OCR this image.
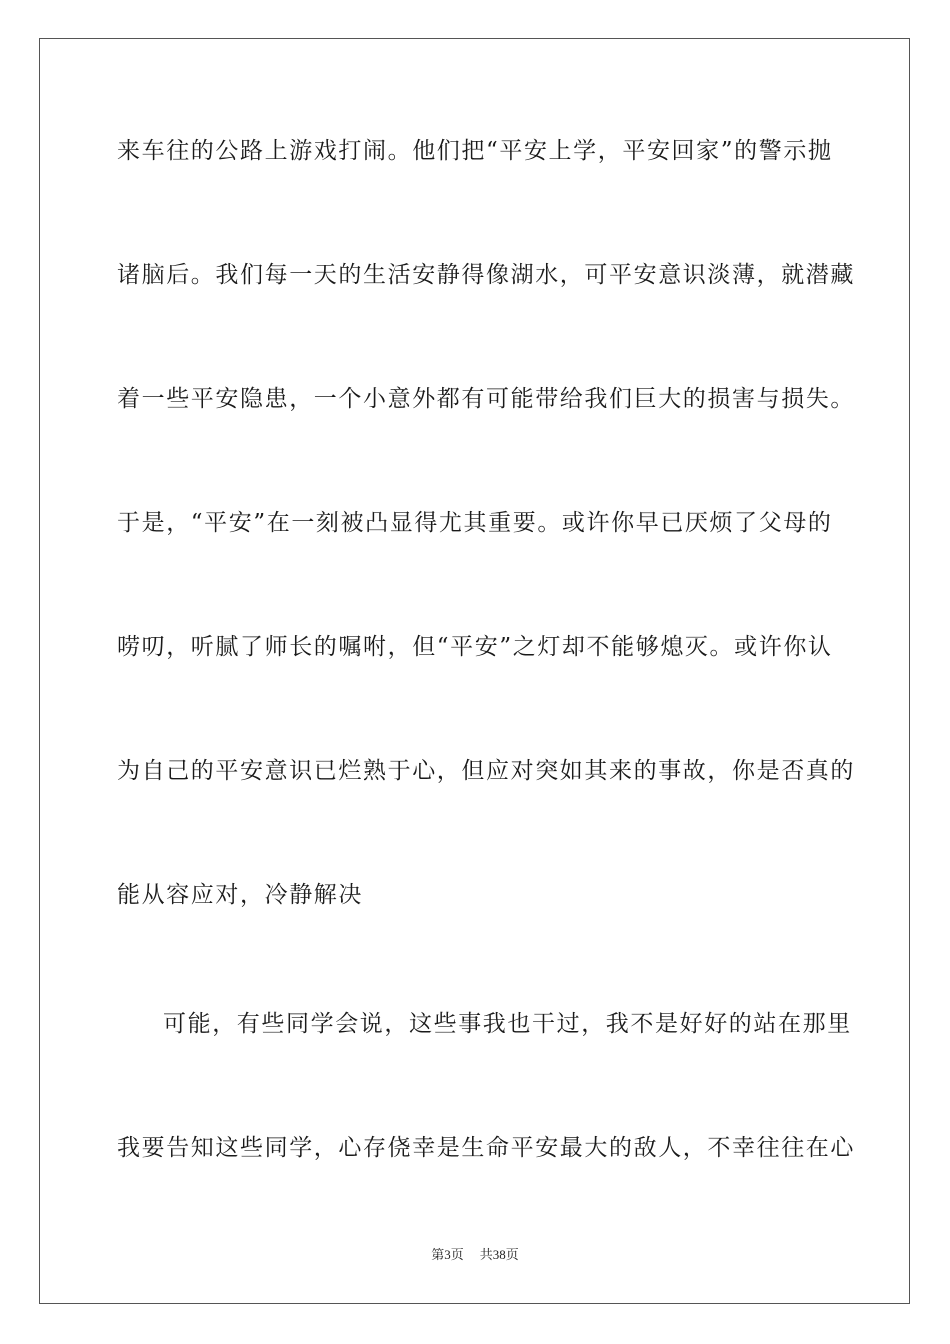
来车往的公路上游戏打闹。他们把“平安上学，平安回家”的警示抛
诸脑后。我们每一天的生活安静得像湖水，可平安意识淡薄，就潜藏
着一些平安隐患，一个小意外都有可能带给我们巨大的损害与损失。
于是，“平安”在一刻被凸显得尤其重要。或许你早已厌烦了父母的
唠叨，听腻了师长的嘱咐，但“平安”之灯却不能够熄灭。或许你认
为自己的平安意识已烂熟于心，但应对突如其来的事故，你是否真的
能从容应对，冷静解决
可能，有些同学会说，这些事我也干过，我不是好好的站在那里
我要告知这些同学，心存侥幸是生命平安最大的敌人，不幸往往在心
第3页 共38页
